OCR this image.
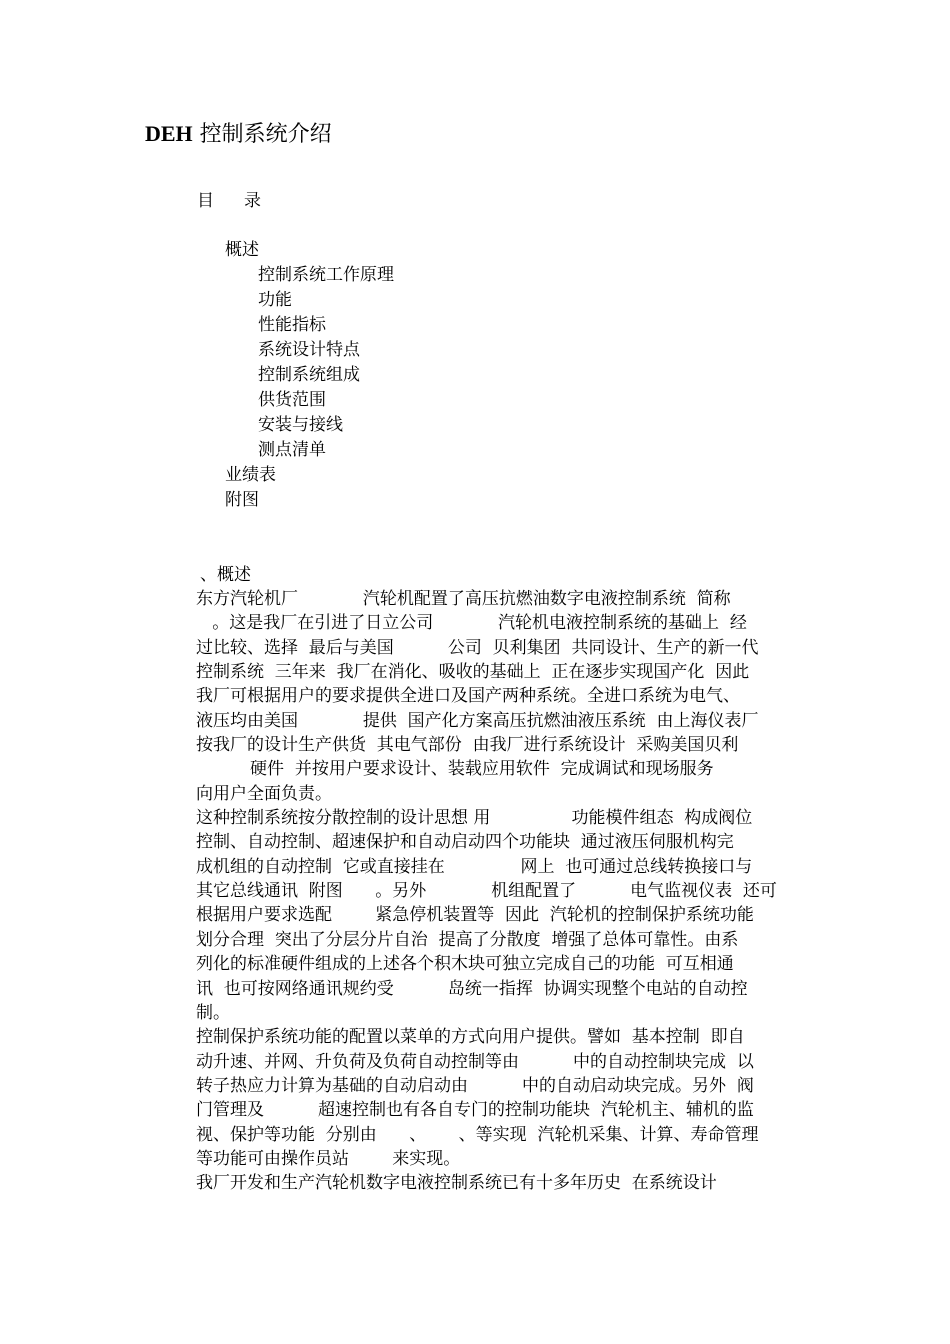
DEH 控制系统介绍
目 录
概述
控制系统工作原理
功能
性能指标
系统设计特点
控制系统组成
供货范围
安装与接线
测点清单
业绩表
附图
、概述
东方汽轮机厂            汽轮机配置了高压抗燃油数字电液控制系统  简称
。这是我厂在引进了日立公司            汽轮机电液控制系统的基础上  经
过比较、选择  最后与美国          公司  贝利集团  共同设计、生产的新一代
控制系统  三年来  我厂在消化、吸收的基础上  正在逐步实现国产化  因此
我厂可根据用户的要求提供全进口及国产两种系统。全进口系统为电气、
液压均由美国            提供  国产化方案高压抗燃油液压系统  由上海仪表厂
按我厂的设计生产供货  其电气部份  由我厂进行系统设计  采购美国贝利
硬件  并按用户要求设计、装载应用软件  完成调试和现场服务
向用户全面负责。
这种控制系统按分散控制的设计思想 用               功能模件组态  构成阀位
控制、自动控制、超速保护和自动启动四个功能块  通过液压伺服机构完
成机组的自动控制  它或直接挂在              网上  也可通过总线转换接口与
其它总线通讯  附图      。另外            机组配置了          电气监视仪表  还可
根据用户要求选配        紧急停机装置等  因此  汽轮机的控制保护系统功能
划分合理  突出了分层分片自治  提高了分散度  增强了总体可靠性。由系
列化的标准硬件组成的上述各个积木块可独立完成自己的功能  可互相通
讯  也可按网络通讯规约受          岛统一指挥  协调实现整个电站的自动控
制。
控制保护系统功能的配置以菜单的方式向用户提供。譬如  基本控制  即自
动升速、并网、升负荷及负荷自动控制等由          中的自动控制块完成  以
转子热应力计算为基础的自动启动由          中的自动启动块完成。另外  阀
门管理及          超速控制也有各自专门的控制功能块  汽轮机主、辅机的监
视、保护等功能  分别由      、      、等实现  汽轮机采集、计算、寿命管理
等功能可由操作员站        来实现。
我厂开发和生产汽轮机数字电液控制系统已有十多年历史  在系统设计
